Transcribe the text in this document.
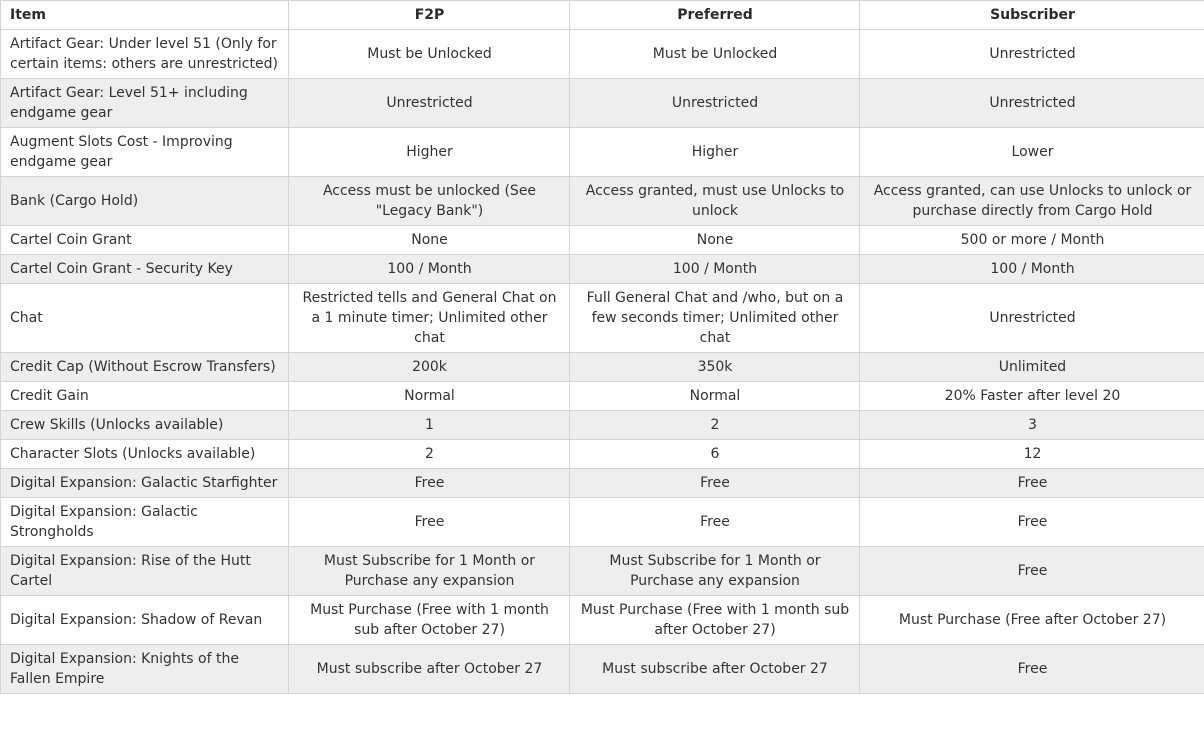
Item	F2P	Preferred	Subscriber
Artifact Gear: Under level 51 (Only for certain items: others are unrestricted)	Must be Unlocked	Must be Unlocked	Unrestricted
Artifact Gear: Level 51+ including endgame gear	Unrestricted	Unrestricted	Unrestricted
Augment Slots Cost - Improving endgame gear	Higher	Higher	Lower
Bank (Cargo Hold)	Access must be unlocked (See "Legacy Bank")	Access granted, must use Unlocks to unlock	Access granted, can use Unlocks to unlock or purchase directly from Cargo Hold
Cartel Coin Grant	None	None	500 or more / Month
Cartel Coin Grant - Security Key	100 / Month	100 / Month	100 / Month
Chat	Restricted tells and General Chat on a 1 minute timer; Unlimited other chat	Full General Chat and /who, but on a few seconds timer; Unlimited other chat	Unrestricted
Credit Cap (Without Escrow Transfers)	200k	350k	Unlimited
Credit Gain	Normal	Normal	20% Faster after level 20
Crew Skills (Unlocks available)	1	2	3
Character Slots (Unlocks available)	2	6	12
Digital Expansion: Galactic Starfighter	Free	Free	Free
Digital Expansion: Galactic Strongholds	Free	Free	Free
Digital Expansion: Rise of the Hutt Cartel	Must Subscribe for 1 Month or Purchase any expansion	Must Subscribe for 1 Month or Purchase any expansion	Free
Digital Expansion: Shadow of Revan	Must Purchase (Free with 1 month sub after October 27)	Must Purchase (Free with 1 month sub after October 27)	Must Purchase (Free after October 27)
Digital Expansion: Knights of the Fallen Empire	Must subscribe after October 27	Must subscribe after October 27	Free
